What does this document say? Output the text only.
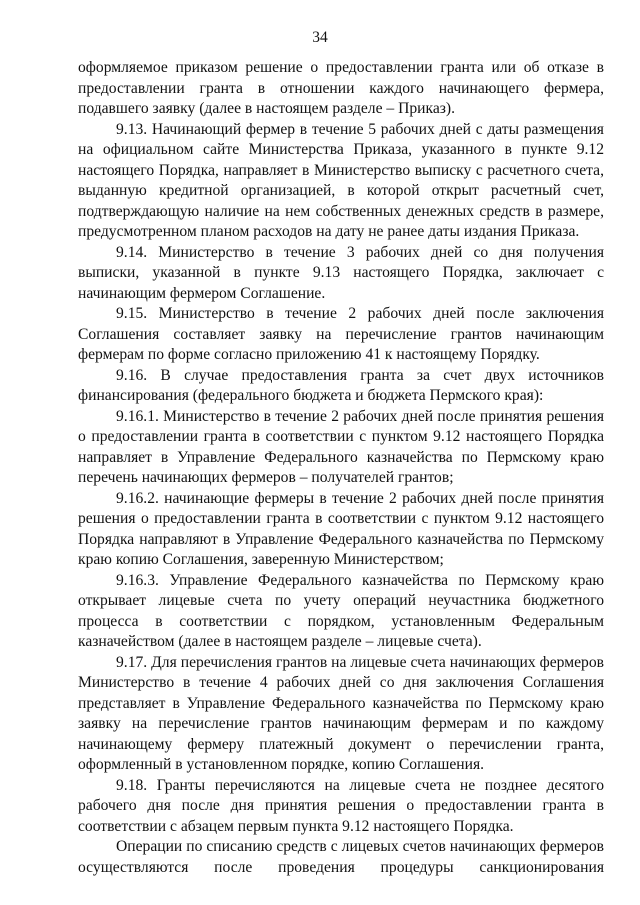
34

оформляемое приказом решение о предоставлении гранта или об отказе в предоставлении гранта в отношении каждого начинающего фермера, подавшего заявку (далее в настоящем разделе – Приказ).

9.13. Начинающий фермер в течение 5 рабочих дней с даты размещения на официальном сайте Министерства Приказа, указанного в пункте 9.12 настоящего Порядка, направляет в Министерство выписку с расчетного счета, выданную кредитной организацией, в которой открыт расчетный счет, подтверждающую наличие на нем собственных денежных средств в размере, предусмотренном планом расходов на дату не ранее даты издания Приказа.

9.14. Министерство в течение 3 рабочих дней со дня получения выписки, указанной в пункте 9.13 настоящего Порядка, заключает с начинающим фермером Соглашение.

9.15. Министерство в течение 2 рабочих дней после заключения Соглашения составляет заявку на перечисление грантов начинающим фермерам по форме согласно приложению 41 к настоящему Порядку.

9.16. В случае предоставления гранта за счет двух источников финансирования (федерального бюджета и бюджета Пермского края):

9.16.1. Министерство в течение 2 рабочих дней после принятия решения о предоставлении гранта в соответствии с пунктом 9.12 настоящего Порядка направляет в Управление Федерального казначейства по Пермскому краю перечень начинающих фермеров – получателей грантов;

9.16.2. начинающие фермеры в течение 2 рабочих дней после принятия решения о предоставлении гранта в соответствии с пунктом 9.12 настоящего Порядка направляют в Управление Федерального казначейства по Пермскому краю копию Соглашения, заверенную Министерством;

9.16.3. Управление Федерального казначейства по Пермскому краю открывает лицевые счета по учету операций неучастника бюджетного процесса в соответствии с порядком, установленным Федеральным казначейством (далее в настоящем разделе – лицевые счета).

9.17. Для перечисления грантов на лицевые счета начинающих фермеров Министерство в течение 4 рабочих дней со дня заключения Соглашения представляет в Управление Федерального казначейства по Пермскому краю заявку на перечисление грантов начинающим фермерам и по каждому начинающему фермеру платежный документ о перечислении гранта, оформленный в установленном порядке, копию Соглашения.

9.18. Гранты перечисляются на лицевые счета не позднее десятого рабочего дня после дня принятия решения о предоставлении гранта в соответствии с абзацем первым пункта 9.12 настоящего Порядка.

Операции по списанию средств с лицевых счетов начинающих фермеров осуществляются после проведения процедуры санкционирования
